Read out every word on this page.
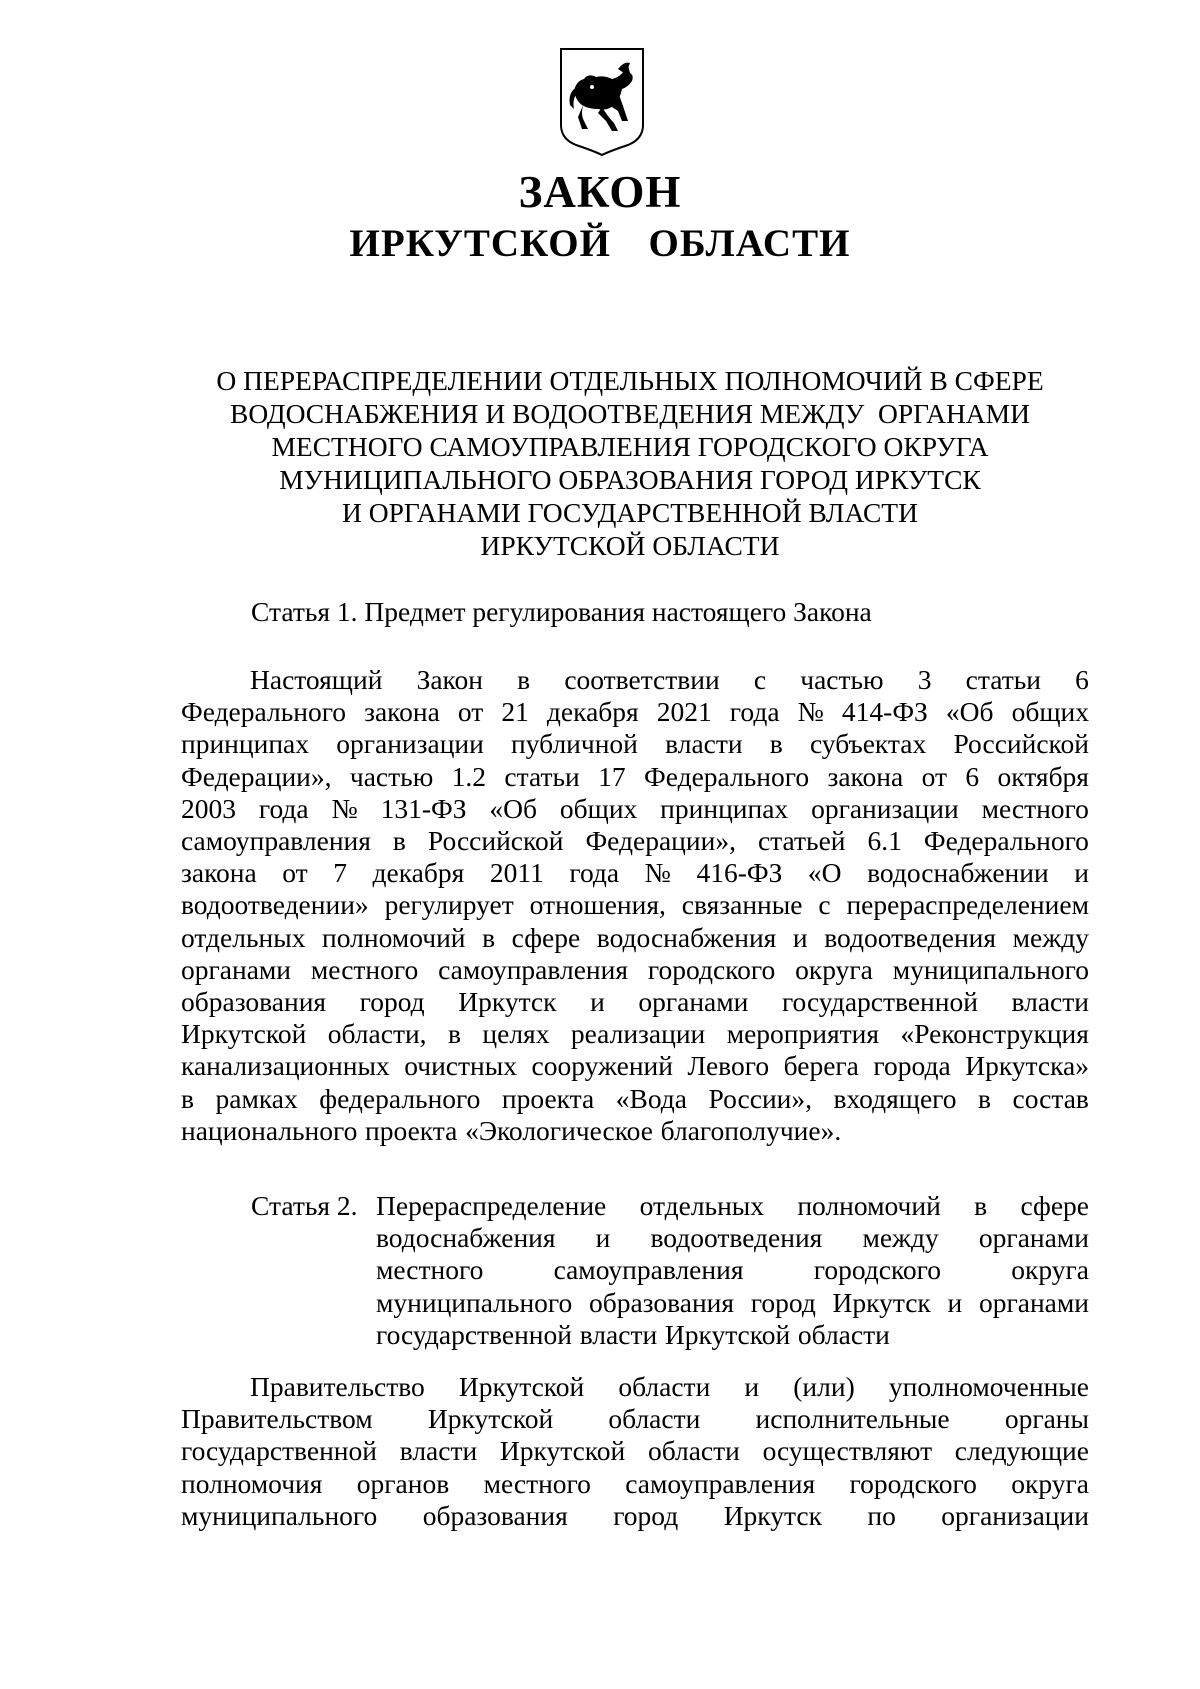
ЗАКОН
ИРКУТСКОЙ  ОБЛАСТИ
О ПЕРЕРАСПРЕДЕЛЕНИИ ОТДЕЛЬНЫХ ПОЛНОМОЧИЙ В СФЕРЕ
ВОДОСНАБЖЕНИЯ И ВОДООТВЕДЕНИЯ МЕЖДУ  ОРГАНАМИ
МЕСТНОГО САМОУПРАВЛЕНИЯ ГОРОДСКОГО ОКРУГА
МУНИЦИПАЛЬНОГО ОБРАЗОВАНИЯ ГОРОД ИРКУТСК
И ОРГАНАМИ ГОСУДАРСТВЕННОЙ ВЛАСТИ
ИРКУТСКОЙ ОБЛАСТИ
Статья 1. Предмет регулирования настоящего Закона
Настоящий Закон в соответствии с частью 3 статьи 6
Федерального закона от 21 декабря 2021 года № 414-ФЗ «Об общих
принципах организации публичной власти в субъектах Российской
Федерации», частью 1.2 статьи 17 Федерального закона от 6 октября
2003 года № 131-ФЗ «Об общих принципах организации местного
самоуправления в Российской Федерации», статьей 6.1 Федерального
закона от 7 декабря 2011 года № 416-ФЗ «О водоснабжении и
водоотведении» регулирует отношения, связанные с перераспределением
отдельных полномочий в сфере водоснабжения и водоотведения между
органами местного самоуправления городского округа муниципального
образования город Иркутск и органами государственной власти
Иркутской области, в целях реализации мероприятия «Реконструкция
канализационных очистных сооружений Левого берега города Иркутска»
в рамках федерального проекта «Вода России», входящего в состав
национального проекта «Экологическое благополучие».
Статья 2. Перераспределение отдельных полномочий в сфере
водоснабжения и водоотведения между органами
местного	самоуправления	городского	округа
муниципального образования город Иркутск и органами
государственной власти Иркутской области
Правительство Иркутской области и (или) уполномоченные
Правительством Иркутской области исполнительные органы
государственной власти Иркутской области осуществляют следующие
полномочия органов местного самоуправления городского округа
муниципального образования город Иркутск по организации
